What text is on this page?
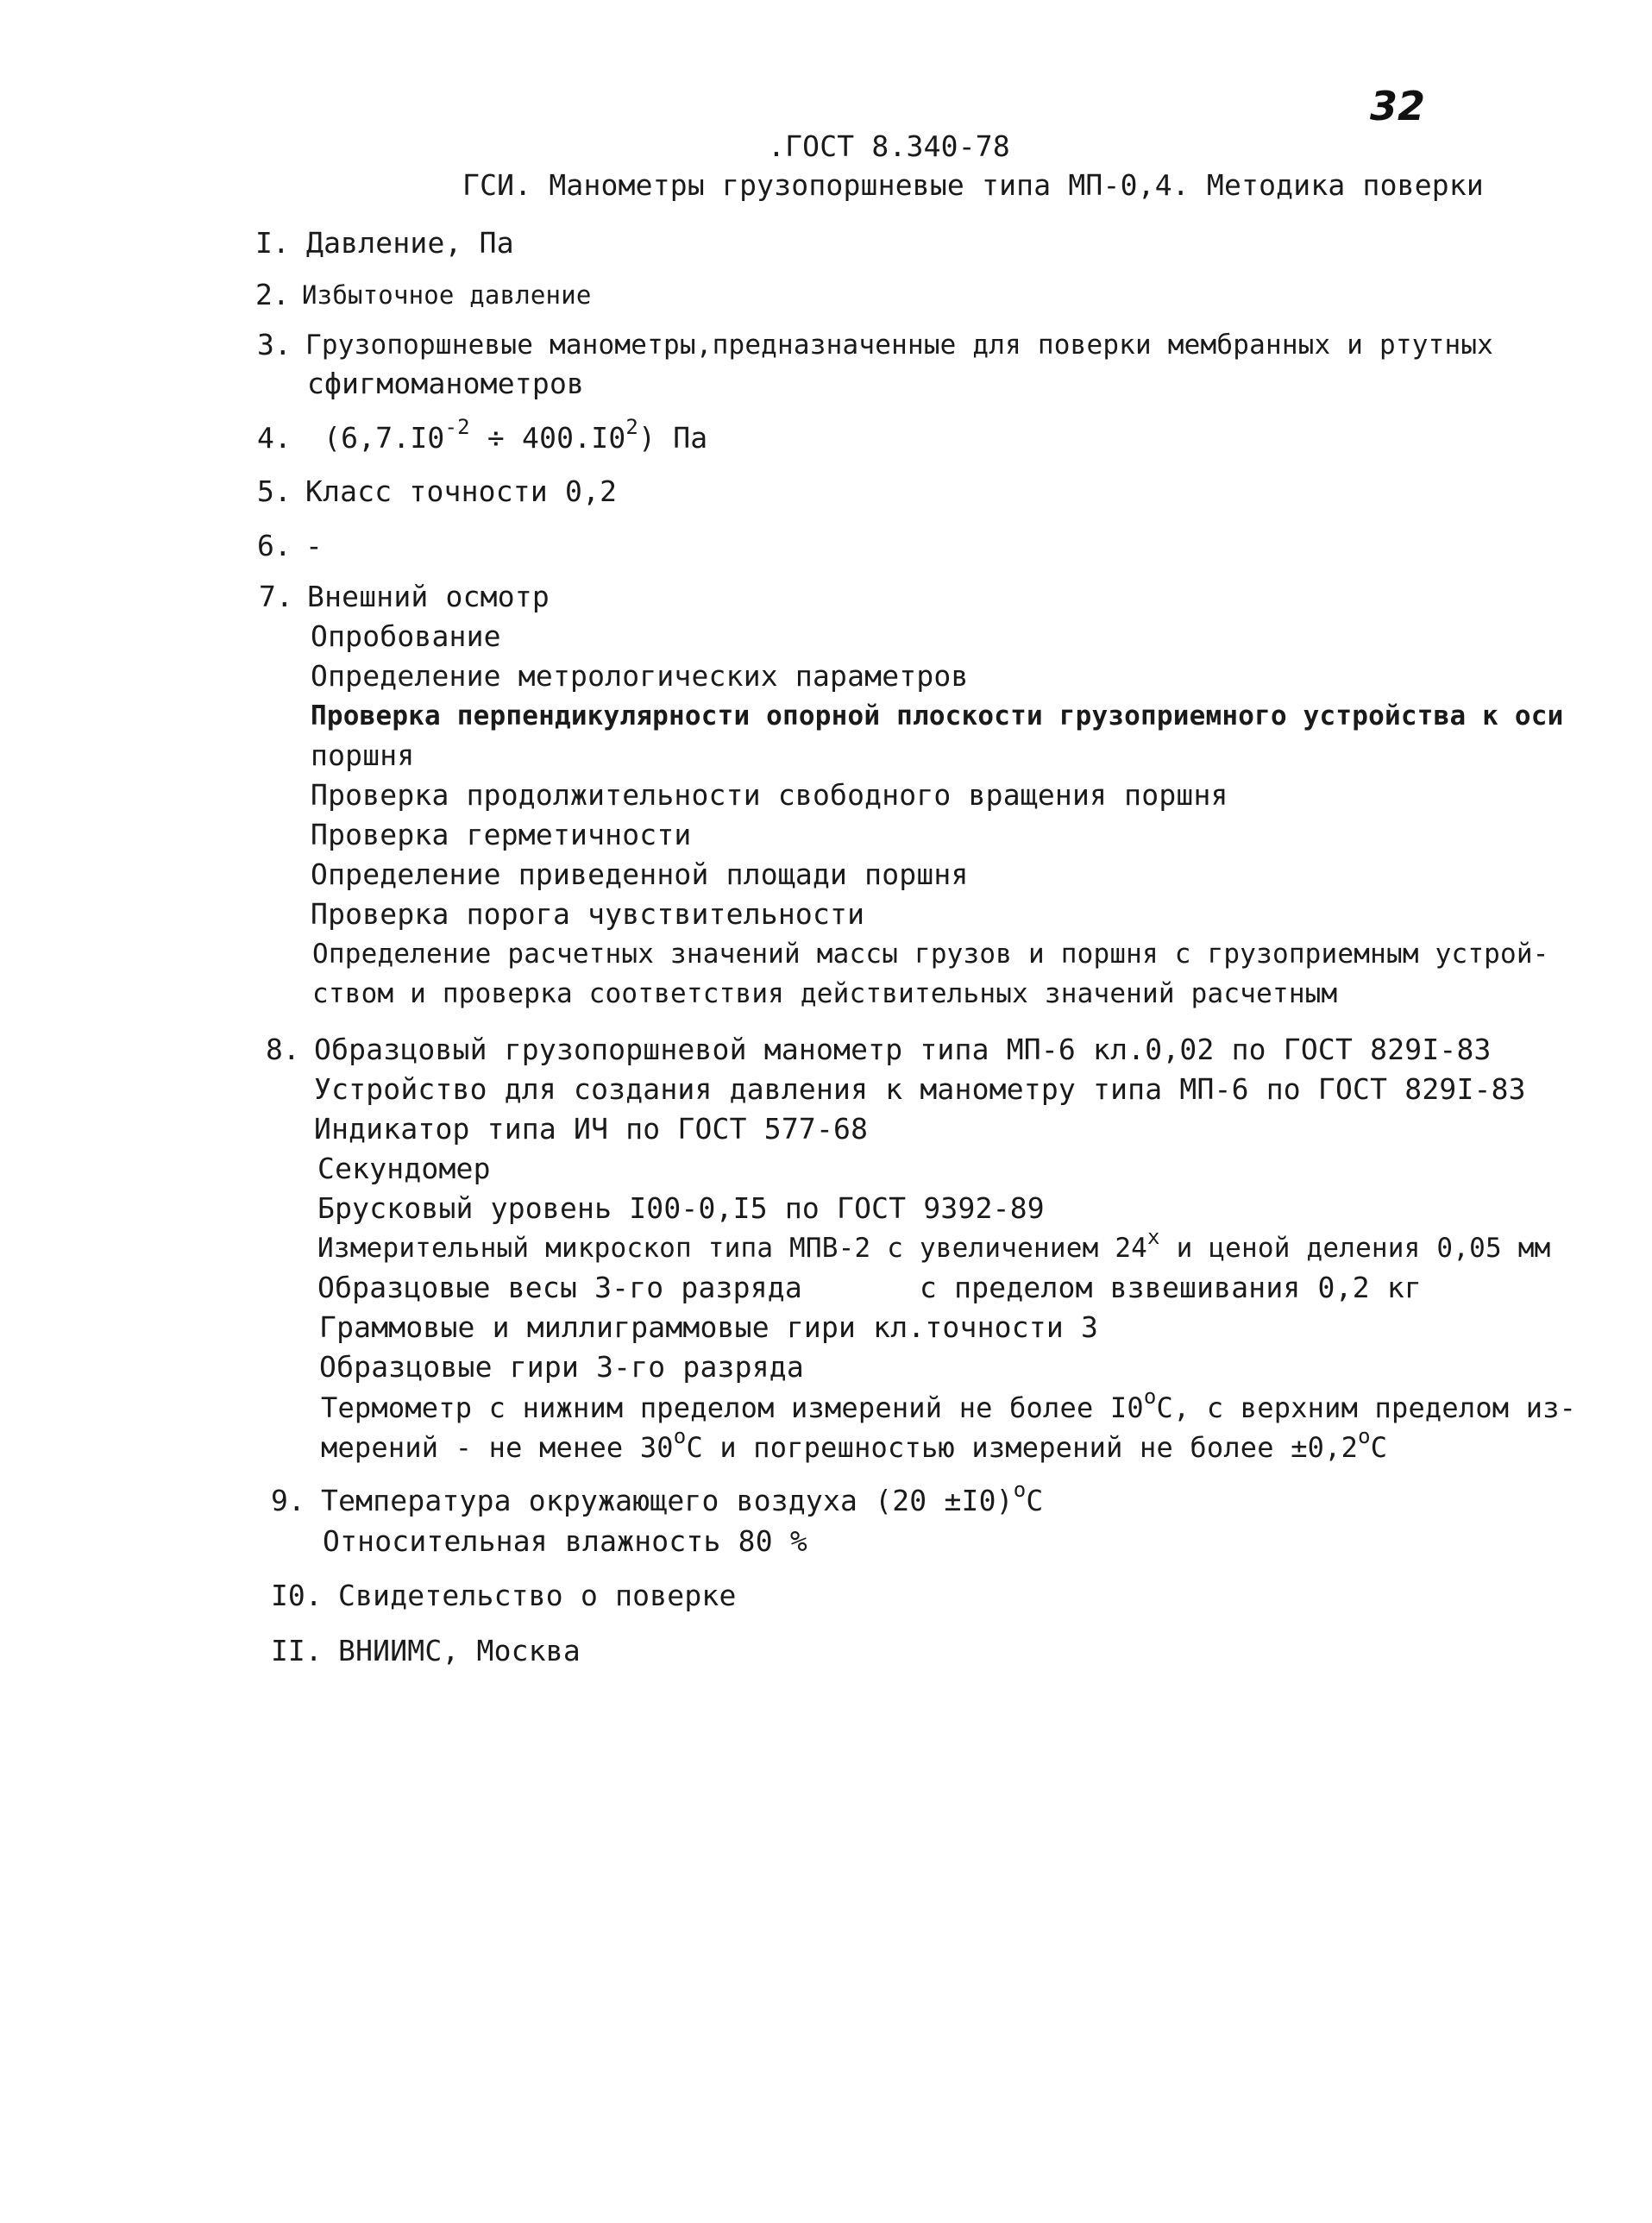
32
.ГОСТ 8.340-78
ГСИ. Манометры грузопоршневые типа МП-0,4. Методика поверки
I. Давление, Па
2. Избыточное давление
3. Грузопоршневые манометры,предназначенные для поверки мембранных и ртутных
сфигмоманометров
4. $(6,7.I0^{-2} \div 400.I0^2)$ Па
5. Класс точности 0,2
6. -
7. Внешний осмотр
Опробование
Определение метрологических параметров
Проверка перпендикулярности опорной плоскости грузоприемного устройства к оси
поршня
Проверка продолжительности свободного вращения поршня
Проверка герметичности
Определение приведенной площади поршня
Проверка порога чувствительности
Определение расчетных значений массы грузов и поршня с грузоприемным устрой-
ством и проверка соответствия действительных значений расчетным
8. Образцовый грузопоршневой манометр типа МП-6 кл.0,02 по ГОСТ 829I-83
Устройство для создания давления к манометру типа МП-6 по ГОСТ 829I-83
Индикатор типа ИЧ по ГОСТ 577-68
Секундомер
Брусковый уровень I00-0,I5 по ГОСТ 9392-89
Измерительный микроскоп типа МПВ-2 с увеличением 24$^x$ и ценой деления 0,05 мм
Образцовые весы 3-го разряда	с пределом взвешивания 0,2 кг
Граммовые и миллиграммовые гири кл.точности 3
Образцовые гири 3-го разряда
Термометр с нижним пределом измерений не более I0$^o$C, с верхним пределом из-
мерений - не менее 30$^o$C и погрешностью измерений не более $\pm 0,2^oC$
9. Температура окружающего воздуха $(20 \pm I0)^oC$
Относительная влажность 80 %
I0. Свидетельство о поверке
II. ВНИИМС, Москва
